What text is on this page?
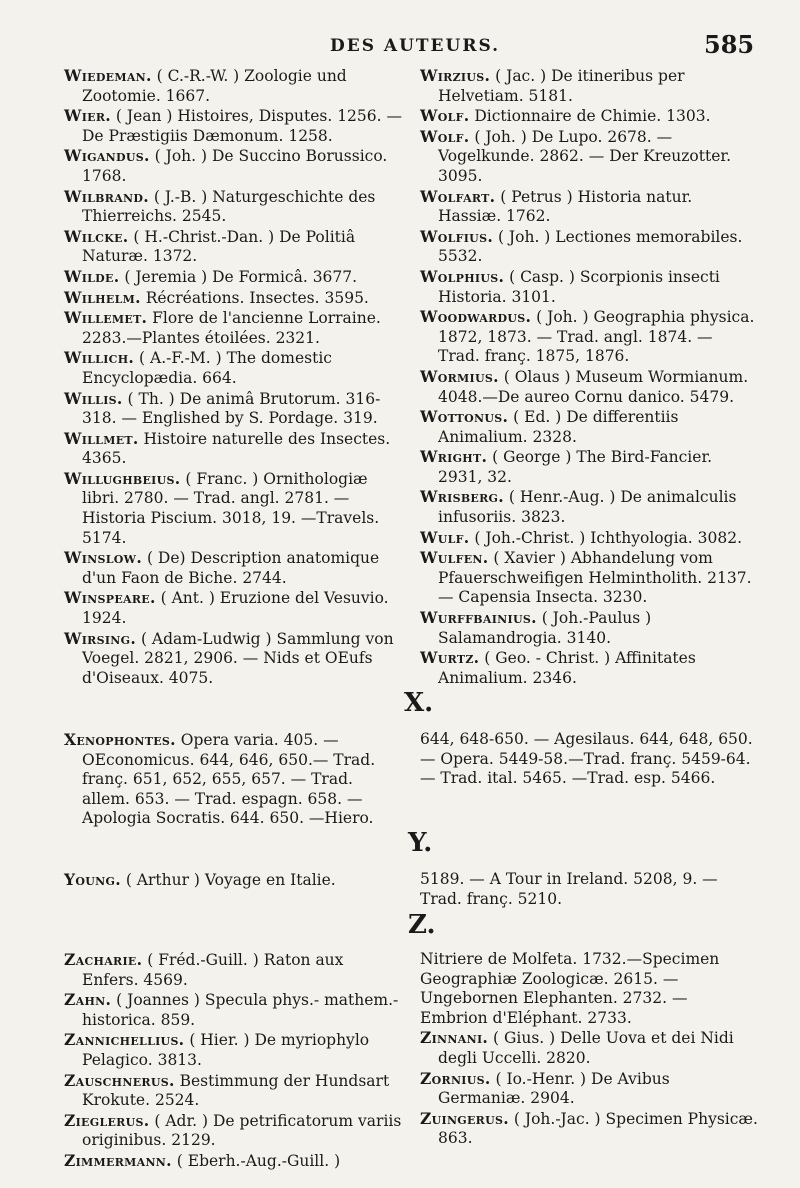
DES AUTEURS.	585

Wiedeman. ( C.-R.-W. ) Zoologie und Zootomie. 1667.

Wier. ( Jean ) Histoires, Disputes. 1256. — De Præstigiis Dæmonum. 1258.

Wigandus. ( Joh. ) De Succino Borussico. 1768.

Wilbrand. ( J.-B. ) Naturgeschichte des Thierreichs. 2545.

Wilcke. ( H.-Christ.-Dan. ) De Politiâ Naturæ. 1372.

Wilde. ( Jeremia ) De Formicâ. 3677.

Wilhelm. Récréations. Insectes. 3595.

Willemet. Flore de l'ancienne Lorraine. 2283.—Plantes étoilées. 2321.

Willich. ( A.-F.-M. ) The domestic Encyclopædia. 664.

Willis. ( Th. ) De animâ Brutorum. 316-318. — Englished by S. Pordage. 319.

Willmet. Histoire naturelle des Insectes. 4365.

Willughbeius. ( Franc. ) Ornithologiæ libri. 2780. — Trad. angl. 2781. — Historia Piscium. 3018, 19. —Travels. 5174.

Winslow. ( De) Description anatomique d'un Faon de Biche. 2744.

Winspeare. ( Ant. ) Eruzione del Vesuvio. 1924.

Wirsing. ( Adam-Ludwig ) Sammlung von Voegel. 2821, 2906. — Nids et OEufs d'Oiseaux. 4075.

Wirzius. ( Jac. ) De itineribus per Helvetiam. 5181.

Wolf. Dictionnaire de Chimie. 1303.

Wolf. ( Joh. ) De Lupo. 2678. — Vogelkunde. 2862. — Der Kreuzotter. 3095.

Wolfart. ( Petrus ) Historia natur. Hassiæ. 1762.

Wolfius. ( Joh. ) Lectiones memorabiles. 5532.

Wolphius. ( Casp. ) Scorpionis insecti Historia. 3101.

Woodwardus. ( Joh. ) Geographia physica. 1872, 1873. — Trad. angl. 1874. — Trad. franç. 1875, 1876.

Wormius. ( Olaus ) Museum Wormianum. 4048.—De aureo Cornu danico. 5479.

Wottonus. ( Ed. ) De differentiis Animalium. 2328.

Wright. ( George ) The Bird-Fancier. 2931, 32.

Wrisberg. ( Henr.-Aug. ) De animalculis infusoriis. 3823.

Wulf. ( Joh.-Christ. ) Ichthyologia. 3082.

Wulfen. ( Xavier ) Abhandelung vom Pfauerschweifigen Helmintholith. 2137. — Capensia Insecta. 3230.

Wurffbainius. ( Joh.-Paulus ) Salamandrogia. 3140.

Wurtz. ( Geo. - Christ. ) Affinitates Animalium. 2346.

X.

Xenophontes. Opera varia. 405. — OEconomicus. 644, 646, 650.— Trad. franç. 651, 652, 655, 657. — Trad. allem. 653. — Trad. espagn. 658. — Apologia Socratis. 644. 650. —Hiero.

644, 648-650. — Agesilaus. 644, 648, 650.— Opera. 5449-58.—Trad. franç. 5459-64. — Trad. ital. 5465. —Trad. esp. 5466.

Y.

Young. ( Arthur ) Voyage en Italie.	5189. — A Tour in Ireland. 5208, 9. — Trad. franç. 5210.

Z.

Zacharie. ( Fréd.-Guill. ) Raton aux Enfers. 4569.

Zahn. ( Joannes ) Specula phys.- mathem.-historica. 859.

Zannichellius. ( Hier. ) De myriophylo Pelagico. 3813.

Zauschnerus. Bestimmung der Hundsart Krokute. 2524.

Zieglerus. ( Adr. ) De petrificatorum variis originibus. 2129.

Zimmermann. ( Eberh.-Aug.-Guill. )

Nitriere de Molfeta. 1732.—Specimen Geographiæ Zoologicæ. 2615. — Ungebornen Elephanten. 2732. — Embrion d'Eléphant. 2733.

Zinnani. ( Gius. ) Delle Uova et dei Nidi degli Uccelli. 2820.

Zornius. ( Io.-Henr. ) De Avibus Germaniæ. 2904.

Zuingerus. ( Joh.-Jac. ) Specimen Physicæ. 863.
